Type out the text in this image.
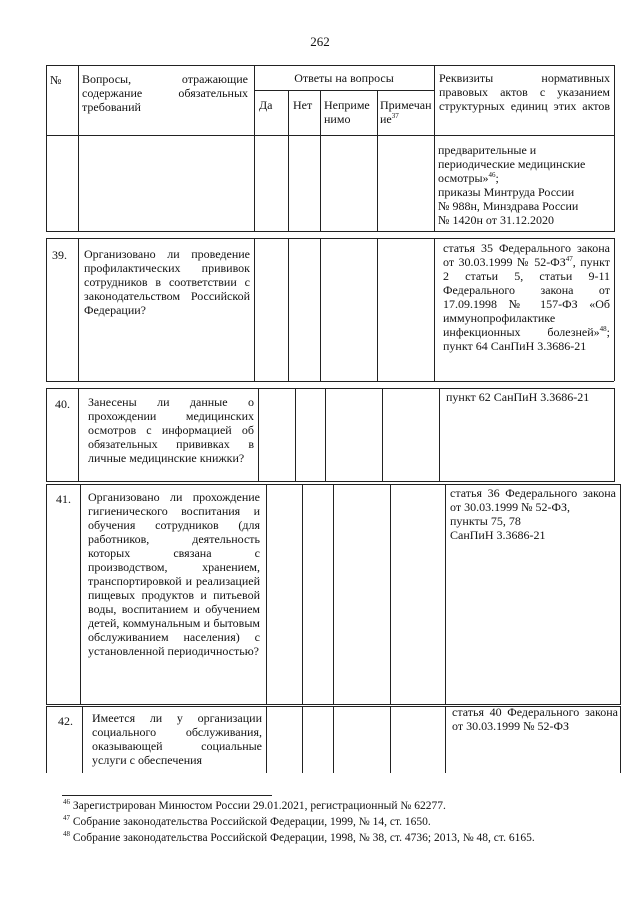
262
№ Вопросы, отражающие содержание обязательных требований
Ответы на вопросы
Да Нет Неприменимо
Примечание$^{37}$
Реквизиты нормативных правовых актов с указанием структурных единиц этих актов
предварительные и
периодические медицинские
осмотры»$^{46}$;
приказы Минтруда России
№ 988н, Минздрава России
№ 1420н от 31.12.2020
39. Организовано ли проведение профилактических прививок сотрудников в соответствии с законодательством Российской Федерации?
статья 35 Федерального закона от 30.03.1999 № 52-ФЗ$^{47}$, пункт 2 статьи 5, статьи 9-11 Федерального закона от 17.09.1998 № 157-ФЗ «Об иммунопрофилактике инфекционных болезней»$^{48}$; пункт 64 СанПиН 3.3686-21
40. Занесены ли данные о прохождении медицинских осмотров с информацией об обязательных прививках в личные медицинские книжки?
пункт 62 СанПиН 3.3686-21
41. Организовано ли прохождение гигиенического воспитания и обучения сотрудников (для работников, деятельность которых связана с производством, хранением, транспортировкой и реализацией пищевых продуктов и питьевой воды, воспитанием и обучением детей, коммунальным и бытовым обслуживанием населения) с установленной периодичностью?
статья 36 Федерального закона от 30.03.1999 № 52-ФЗ,
пункты 75, 78
СанПиН 3.3686-21
42. Имеется ли у организации социального обслуживания, оказывающей социальные услуги с обеспечения
статья 40 Федерального закона от 30.03.1999 № 52-ФЗ
$^{46}$ Зарегистрирован Минюстом России 29.01.2021, регистрационный № 62277.
$^{47}$ Собрание законодательства Российской Федерации, 1999, № 14, ст. 1650.
$^{48}$ Собрание законодательства Российской Федерации, 1998, № 38, ст. 4736; 2013, № 48, ст. 6165.
